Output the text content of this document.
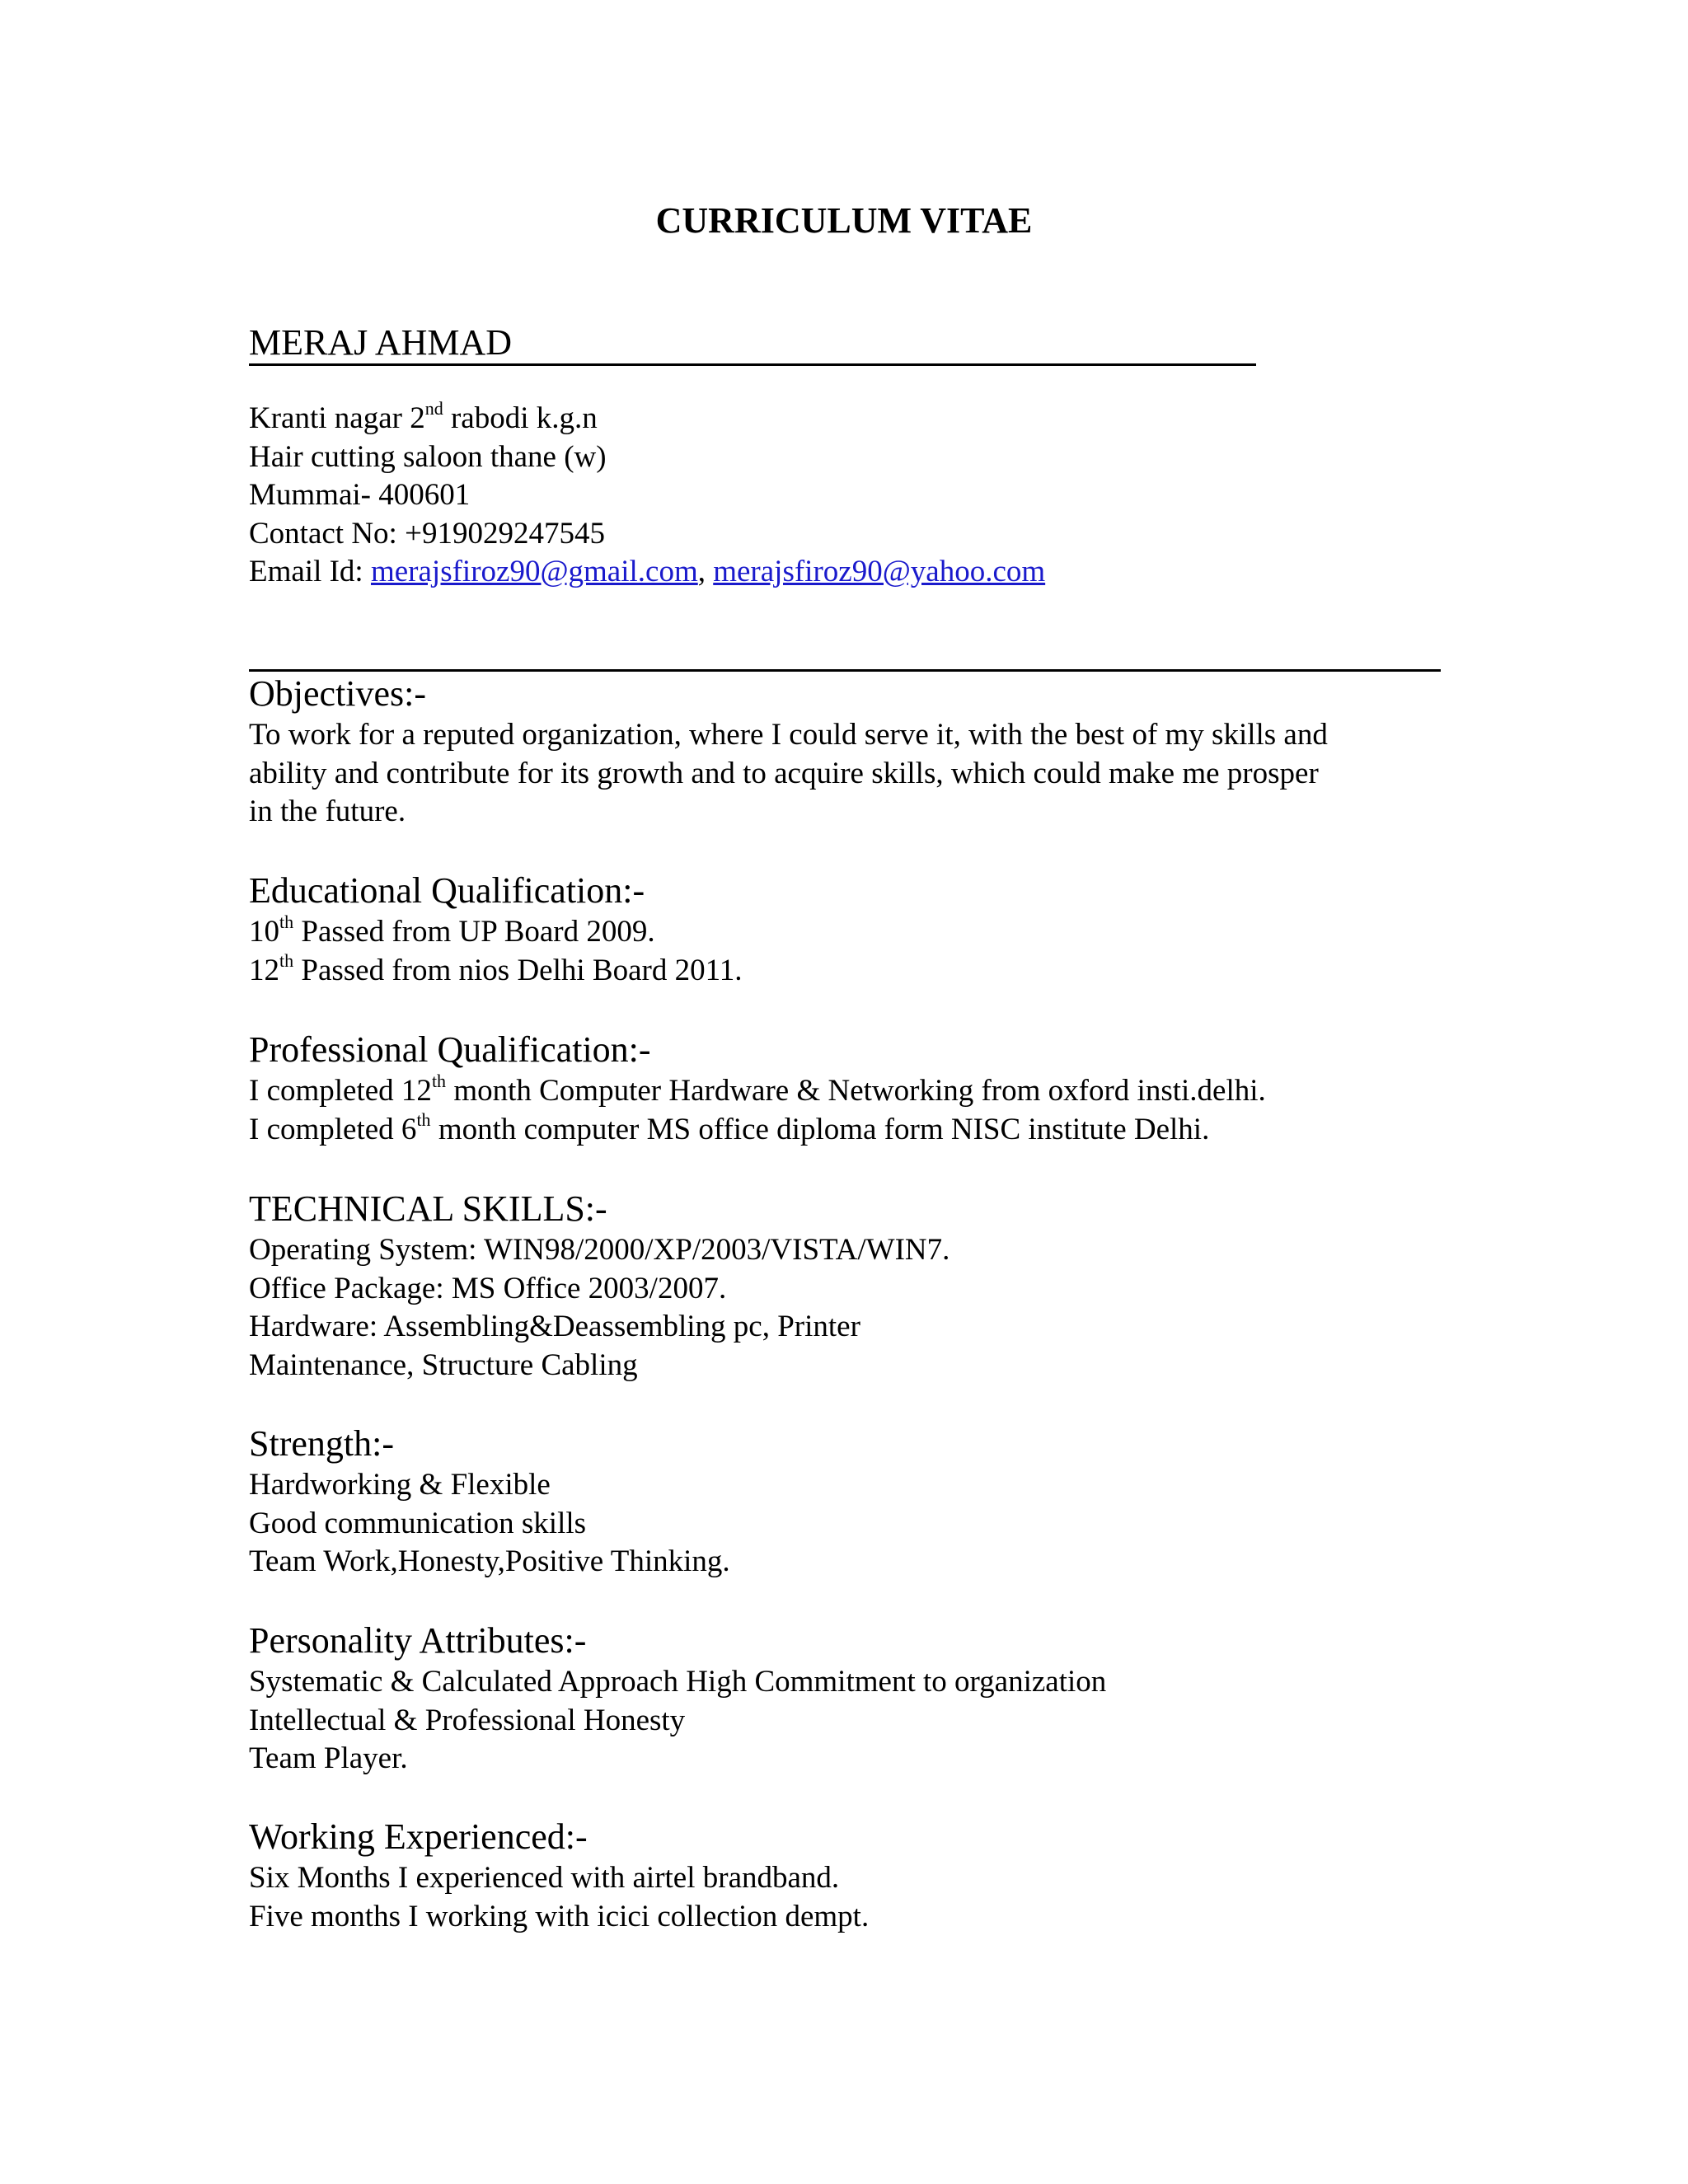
CURRICULUM VITAE
MERAJ AHMAD
Kranti nagar 2nd rabodi k.g.n
Hair cutting saloon thane (w)
Mummai- 400601
Contact No: +919029247545
Email Id: merajsfiroz90@gmail.com, merajsfiroz90@yahoo.com
Objectives:-
To work for a reputed organization, where I could serve it, with the best of my skills and
ability and contribute for its growth and to acquire skills, which could make me prosper
in the future.
Educational Qualification:-
10th Passed from UP Board 2009.
12th Passed from nios Delhi Board 2011.
Professional Qualification:-
I completed 12th month Computer Hardware & Networking from oxford insti.delhi.
I completed 6th month computer MS office diploma form NISC institute Delhi.
TECHNICAL SKILLS:-
Operating System: WIN98/2000/XP/2003/VISTA/WIN7.
Office Package: MS Office 2003/2007.
Hardware: Assembling&Deassembling pc, Printer
Maintenance, Structure Cabling
Strength:-
Hardworking & Flexible
Good communication skills
Team Work,Honesty,Positive Thinking.
Personality Attributes:-
Systematic & Calculated Approach High Commitment to organization
Intellectual & Professional Honesty
Team Player.
Working Experienced:-
Six Months I experienced with airtel brandband.
Five months I working with icici collection dempt.
